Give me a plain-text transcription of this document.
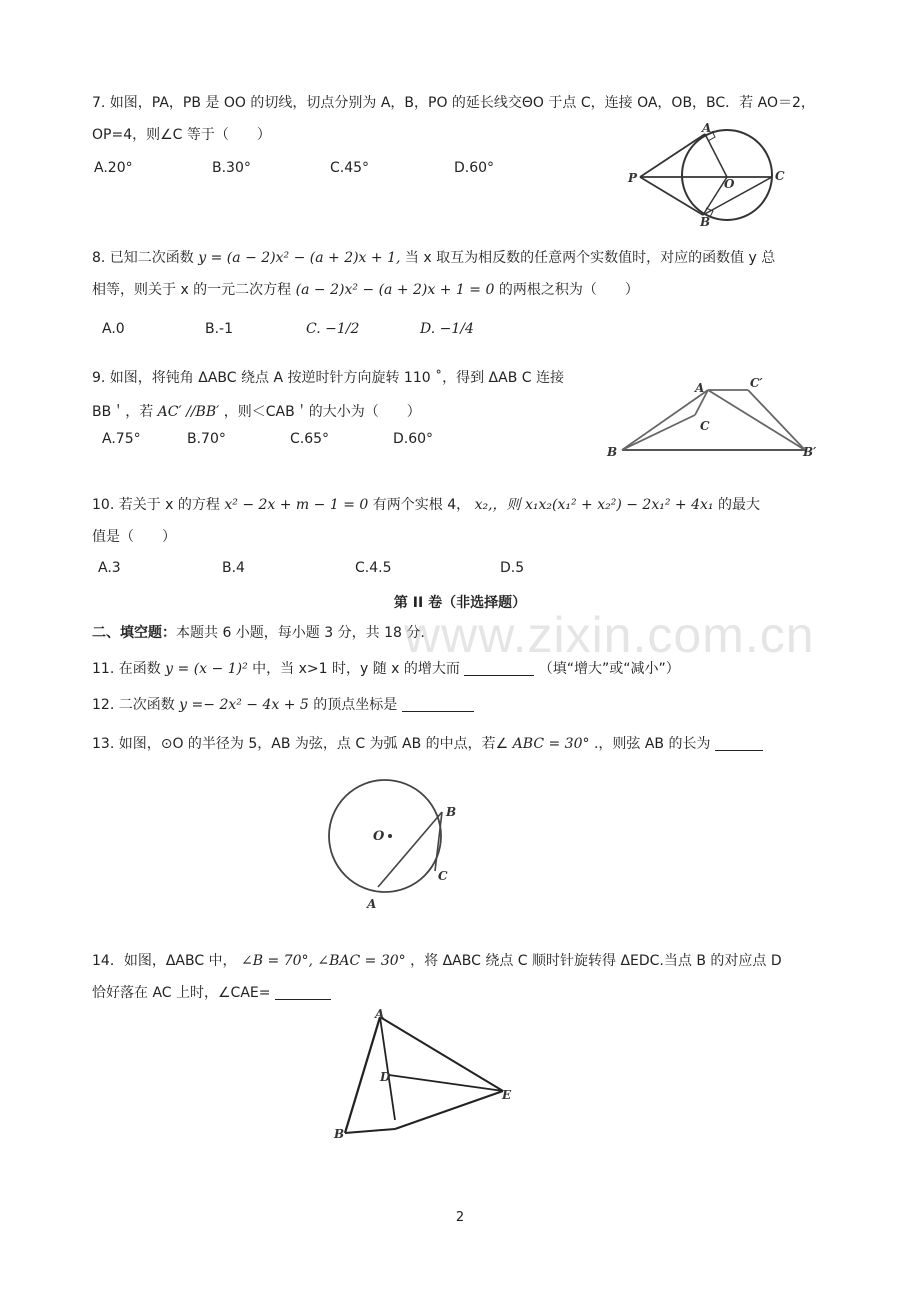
7. 如图，PA，PB 是 OO 的切线，切点分别为 A，B，PO 的延长线交ΘO 于点 C，连接 OA，OB，BC．若 AO＝2，
OP=4，则∠C 等于（　　）
A.20°	B.30°	C.45°	D.60°
A
P	O
C
B
8. 已知二次函数 y = (a − 2)x² − (a + 2)x + 1, 当 x 取互为相反数的任意两个实数值时，对应的函数值 y 总
相等，则关于 x 的一元二次方程 (a − 2)x² − (a + 2)x + 1 = 0 的两根之积为（　　）
A.0	B.-1	C. −1/2	D. −1/4
9. 如图，将钝角 ΔABC 绕点 A 按逆时针方向旋转 110 ˚，得到 ΔAB C 连接
BB＇，若 AC′ //BB′ ，则＜CAB＇的大小为（　　）
A.75°	B.70°	C.65°	D.60°
A	C′
C
B	B′
10. 若关于 x 的方程 x² − 2x + m − 1 = 0 有两个实根 4， x₂,，则 x₁x₂(x₁² + x₂²) − 2x₁² + 4x₁ 的最大
值是（　　）
A.3	B.4	C.4.5	D.5
第 II 卷（非选择题）
二、填空题：本题共 6 小题，每小题 3 分，共 18 分.
www.zixin.com.cn
11. 在函数 y = (x − 1)² 中，当 x>1 时，y 随 x 的增大而	（填“增大”或“减小”）
12. 二次函数 y =− 2x² − 4x + 5 的顶点坐标是
13. 如图，⊙O 的半径为 5，AB 为弦，点 C 为弧 AB 的中点，若∠ ABC = 30° .，则弦 AB 的长为
O
B
C
A
14．如图，ΔABC 中， ∠B = 70°, ∠BAC = 30° ，将 ΔABC 绕点 C 顺时针旋转得 ΔEDC.当点 B 的对应点 D
恰好落在 AC 上时，∠CAE=
A
D
E
B
2
